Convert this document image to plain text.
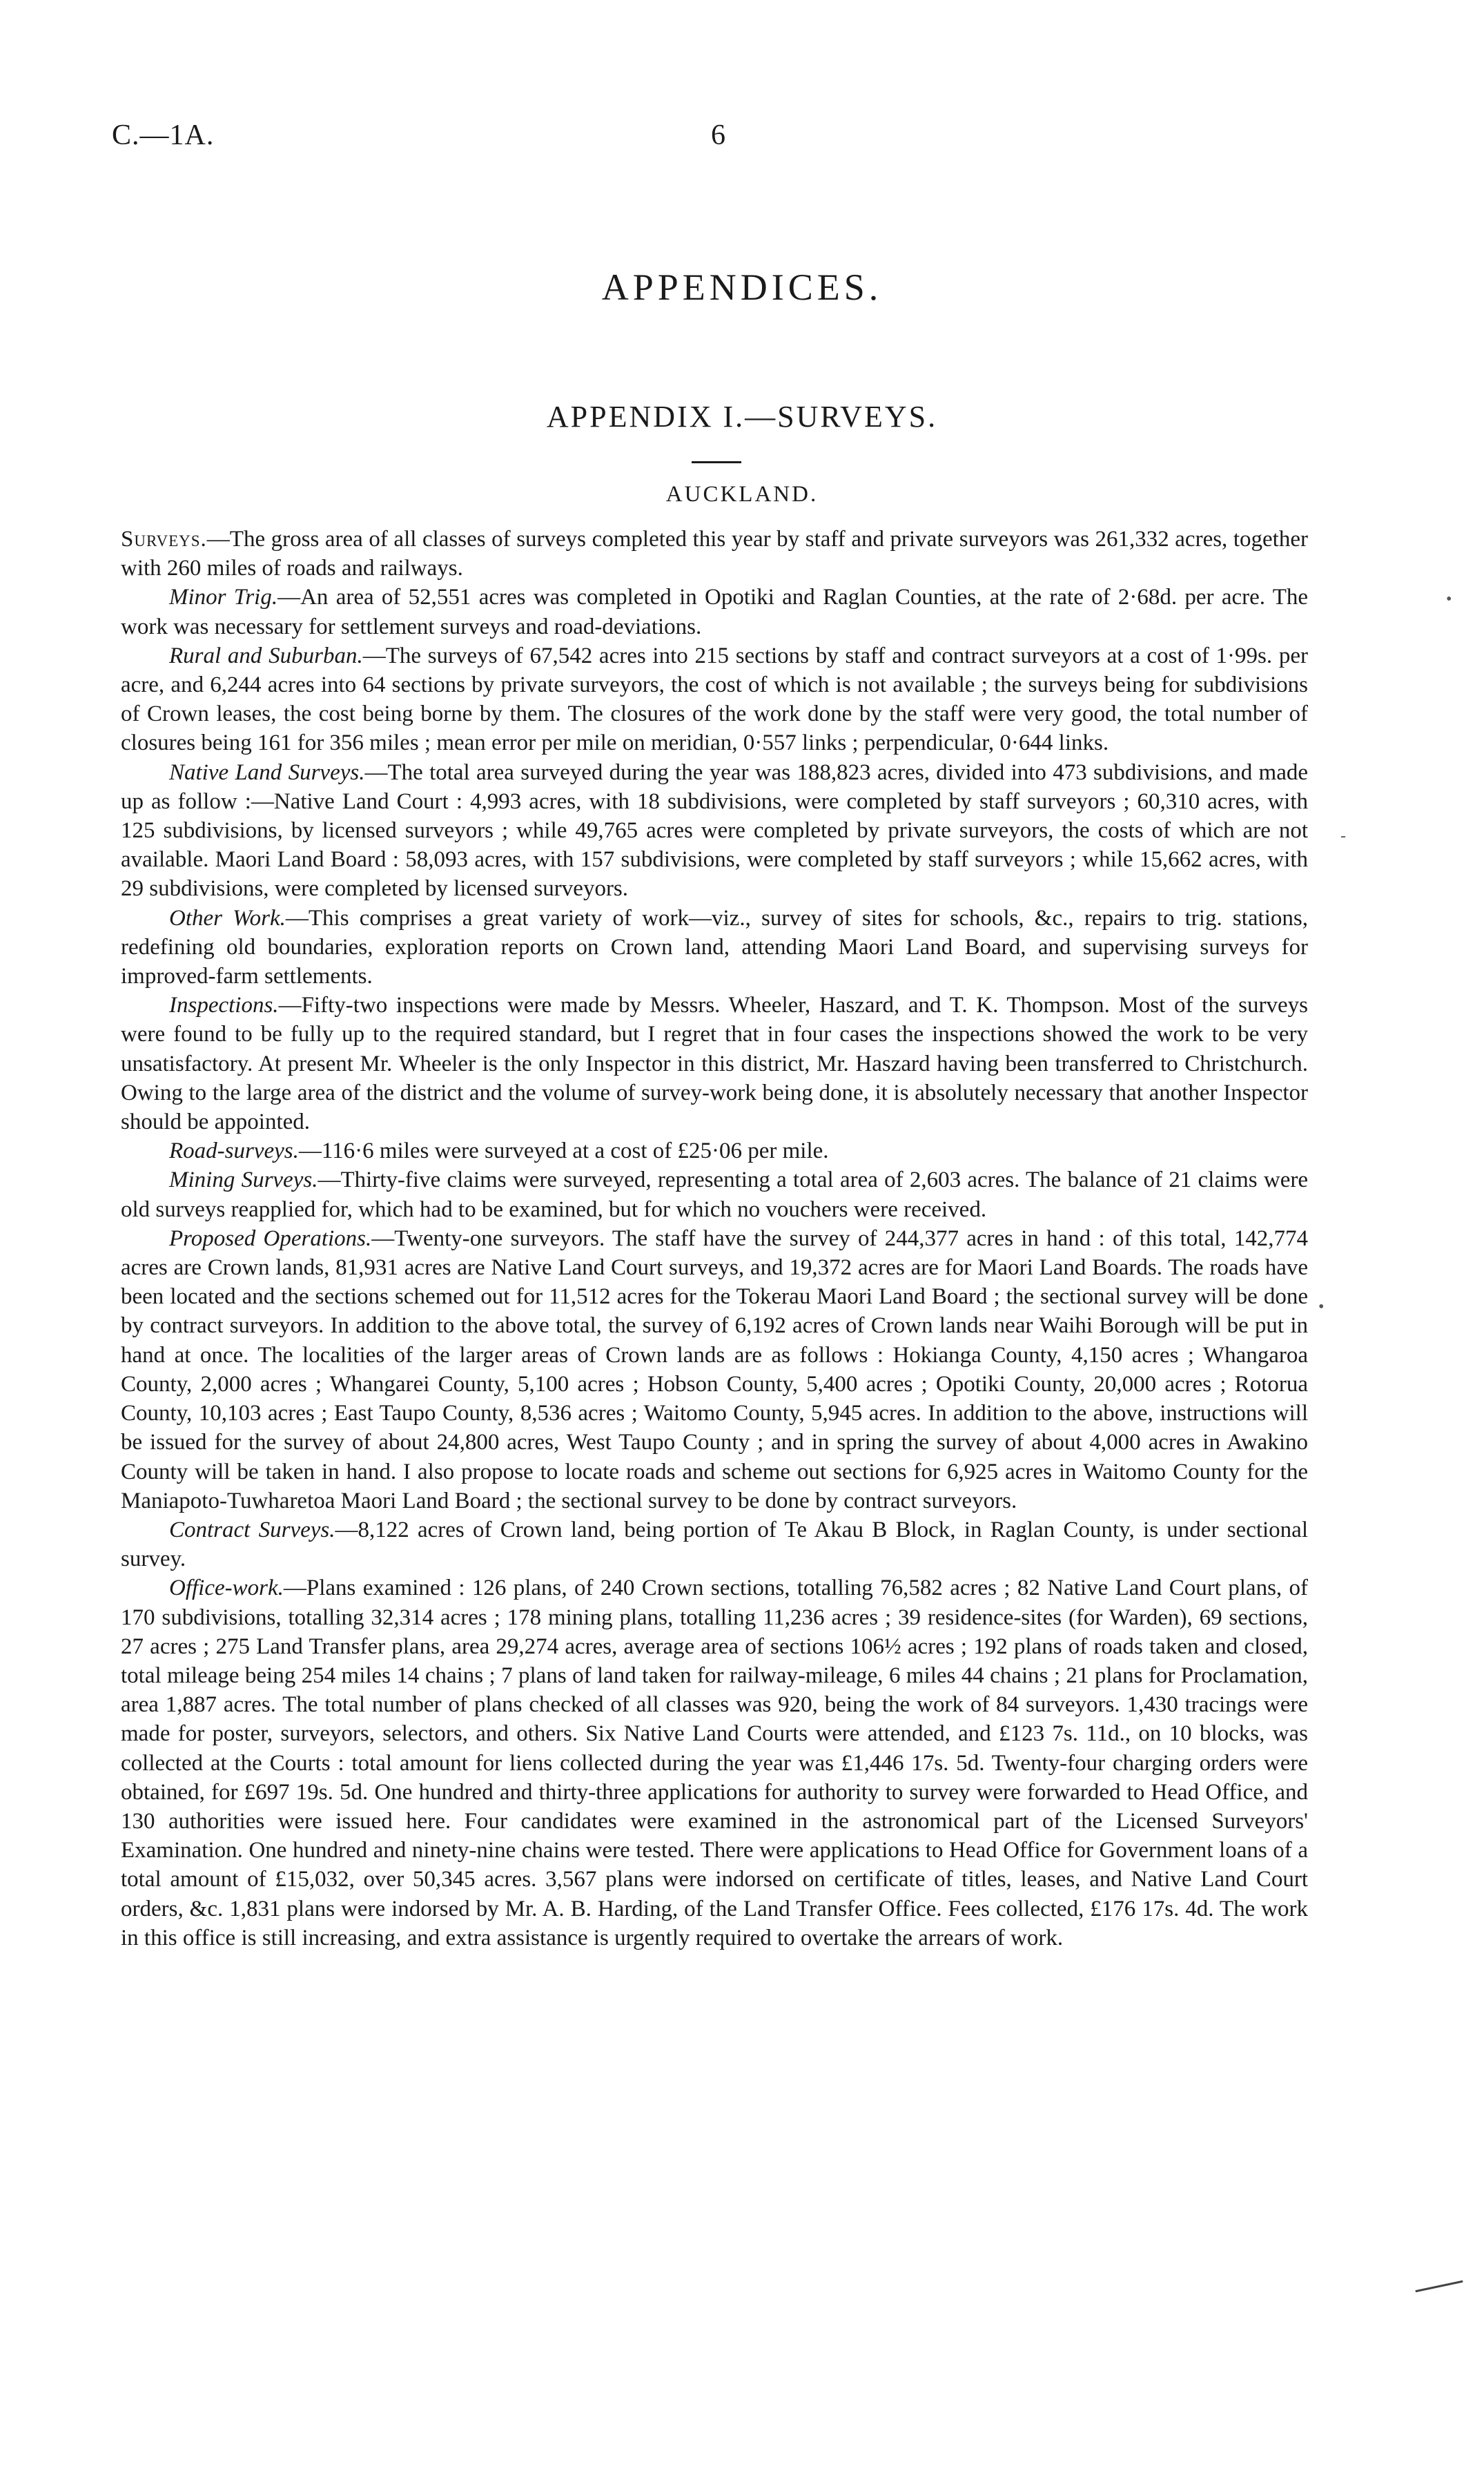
C.—1A.	6
APPENDICES.
APPENDIX I.—SURVEYS.
AUCKLAND.

Surveys.—The gross area of all classes of surveys completed this year by staff and private surveyors was 261,332 acres, together with 260 miles of roads and railways.

Minor Trig.—An area of 52,551 acres was completed in Opotiki and Raglan Counties, at the rate of 2·68d. per acre. The work was necessary for settlement surveys and road-deviations.

Rural and Suburban.—The surveys of 67,542 acres into 215 sections by staff and contract surveyors at a cost of 1·99s. per acre, and 6,244 acres into 64 sections by private surveyors, the cost of which is not available ; the surveys being for subdivisions of Crown leases, the cost being borne by them. The closures of the work done by the staff were very good, the total number of closures being 161 for 356 miles ; mean error per mile on meridian, 0·557 links ; perpendicular, 0·644 links.

Native Land Surveys.—The total area surveyed during the year was 188,823 acres, divided into 473 subdivisions, and made up as follow :—Native Land Court : 4,993 acres, with 18 subdivisions, were completed by staff surveyors ; 60,310 acres, with 125 subdivisions, by licensed surveyors ; while 49,765 acres were completed by private surveyors, the costs of which are not available. Maori Land Board : 58,093 acres, with 157 subdivisions, were completed by staff surveyors ; while 15,662 acres, with 29 subdivisions, were completed by licensed surveyors.

Other Work.—This comprises a great variety of work—viz., survey of sites for schools, &c., repairs to trig. stations, redefining old boundaries, exploration reports on Crown land, attending Maori Land Board, and supervising surveys for improved-farm settlements.

Inspections.—Fifty-two inspections were made by Messrs. Wheeler, Haszard, and T. K. Thompson. Most of the surveys were found to be fully up to the required standard, but I regret that in four cases the inspections showed the work to be very unsatisfactory. At present Mr. Wheeler is the only Inspector in this district, Mr. Haszard having been transferred to Christchurch. Owing to the large area of the district and the volume of survey-work being done, it is absolutely necessary that another Inspector should be appointed.

Road-surveys.—116·6 miles were surveyed at a cost of £25·06 per mile.

Mining Surveys.—Thirty-five claims were surveyed, representing a total area of 2,603 acres. The balance of 21 claims were old surveys reapplied for, which had to be examined, but for which no vouchers were received.

Proposed Operations.—Twenty-one surveyors. The staff have the survey of 244,377 acres in hand : of this total, 142,774 acres are Crown lands, 81,931 acres are Native Land Court surveys, and 19,372 acres are for Maori Land Boards. The roads have been located and the sections schemed out for 11,512 acres for the Tokerau Maori Land Board ; the sectional survey will be done by contract surveyors. In addition to the above total, the survey of 6,192 acres of Crown lands near Waihi Borough will be put in hand at once. The localities of the larger areas of Crown lands are as follows : Hokianga County, 4,150 acres ; Whangaroa County, 2,000 acres ; Whangarei County, 5,100 acres ; Hobson County, 5,400 acres ; Opotiki County, 20,000 acres ; Rotorua County, 10,103 acres ; East Taupo County, 8,536 acres ; Waitomo County, 5,945 acres. In addition to the above, instructions will be issued for the survey of about 24,800 acres, West Taupo County ; and in spring the survey of about 4,000 acres in Awakino County will be taken in hand. I also propose to locate roads and scheme out sections for 6,925 acres in Waitomo County for the Maniapoto-Tuwharetoa Maori Land Board ; the sectional survey to be done by contract surveyors.

Contract Surveys.—8,122 acres of Crown land, being portion of Te Akau B Block, in Raglan County, is under sectional survey.

Office-work.—Plans examined : 126 plans, of 240 Crown sections, totalling 76,582 acres ; 82 Native Land Court plans, of 170 subdivisions, totalling 32,314 acres ; 178 mining plans, totalling 11,236 acres ; 39 residence-sites (for Warden), 69 sections, 27 acres ; 275 Land Transfer plans, area 29,274 acres, average area of sections 106½ acres ; 192 plans of roads taken and closed, total mileage being 254 miles 14 chains ; 7 plans of land taken for railway-mileage, 6 miles 44 chains ; 21 plans for Proclamation, area 1,887 acres. The total number of plans checked of all classes was 920, being the work of 84 surveyors. 1,430 tracings were made for poster, surveyors, selectors, and others. Six Native Land Courts were attended, and £123 7s. 11d., on 10 blocks, was collected at the Courts : total amount for liens collected during the year was £1,446 17s. 5d. Twenty-four charging orders were obtained, for £697 19s. 5d. One hundred and thirty-three applications for authority to survey were forwarded to Head Office, and 130 authorities were issued here. Four candidates were examined in the astronomical part of the Licensed Surveyors' Examination. One hundred and ninety-nine chains were tested. There were applications to Head Office for Government loans of a total amount of £15,032, over 50,345 acres. 3,567 plans were indorsed on certificate of titles, leases, and Native Land Court orders, &c. 1,831 plans were indorsed by Mr. A. B. Harding, of the Land Transfer Office. Fees collected, £176 17s. 4d. The work in this office is still increasing, and extra assistance is urgently required to overtake the arrears of work.

•
-
•
